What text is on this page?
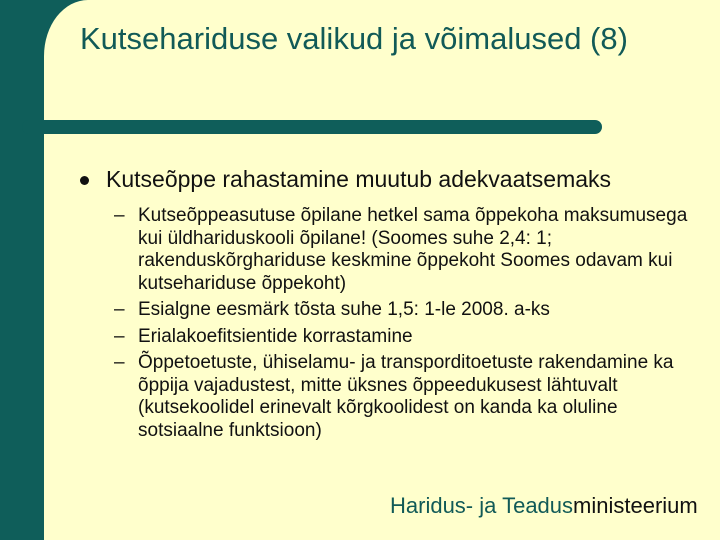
Kutsehariduse valikud ja võimalused (8)
Kutseõppe rahastamine muutub adekvaatsemaks
– Kutseõppeasutuse õpilane hetkel sama õppekoha maksumusega kui üldhariduskooli õpilane! (Soomes suhe 2,4: 1; rakenduskõrghariduse keskmine õppekoht Soomes odavam kui kutsehariduse õppekoht)
– Esialgne eesmärk tõsta suhe 1,5: 1-le 2008. a-ks
– Erialakoefitsientide korrastamine
– Õppetoetuste, ühiselamu- ja transporditoetuste rakendamine ka õppija vajadustest, mitte üksnes õppeedukusest lähtuvalt (kutsekoolidel erinevalt kõrgkoolidest on kanda ka oluline sotsiaalne funktsioon)
Haridus- ja Teadusministeerium
